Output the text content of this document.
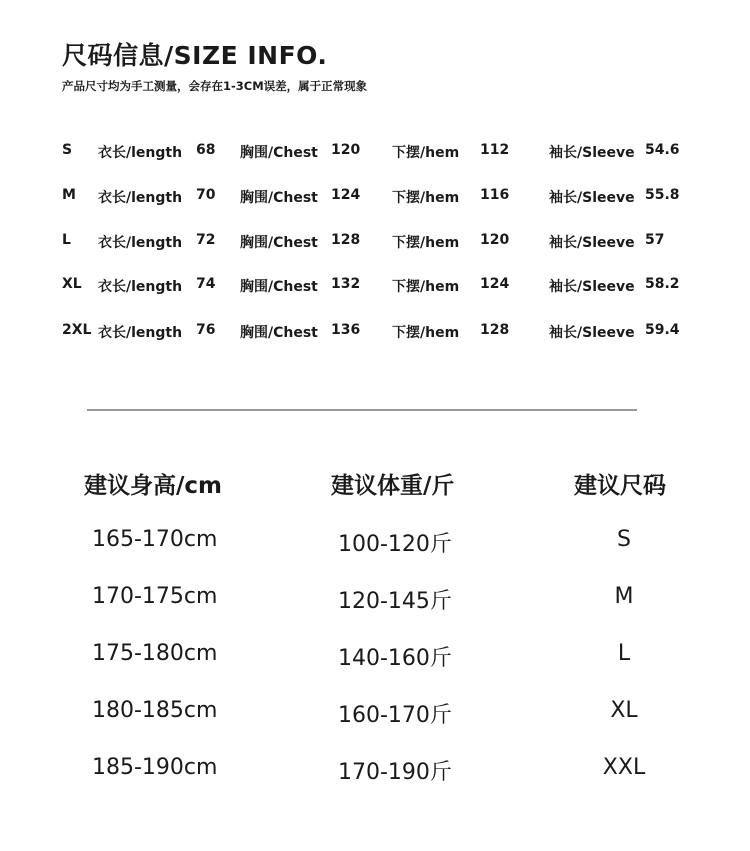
尺码信息/SIZE INFO.
产品尺寸均为手工测量，会存在1-3CM误差，属于正常现象
S 衣长/length 68 胸围/Chest 120 下摆/hem 112	袖长/Sleeve 54.6
M 衣长/length 70 胸围/Chest 124 下摆/hem 116	袖长/Sleeve 55.8
L 衣长/length 72 胸围/Chest 128 下摆/hem 120	袖长/Sleeve 57
XL 衣长/length 74 胸围/Chest 132 下摆/hem 124	袖长/Sleeve 58.2
2XL 衣长/length 76 胸围/Chest 136 下摆/hem 128	袖长/Sleeve 59.4
建议身高/cm	建议体重/斤	建议尺码
165-170cm	100-120斤	S
170-175cm	120-145斤	M
175-180cm	140-160斤	L
180-185cm	160-170斤	XL
185-190cm	170-190斤	XXL
